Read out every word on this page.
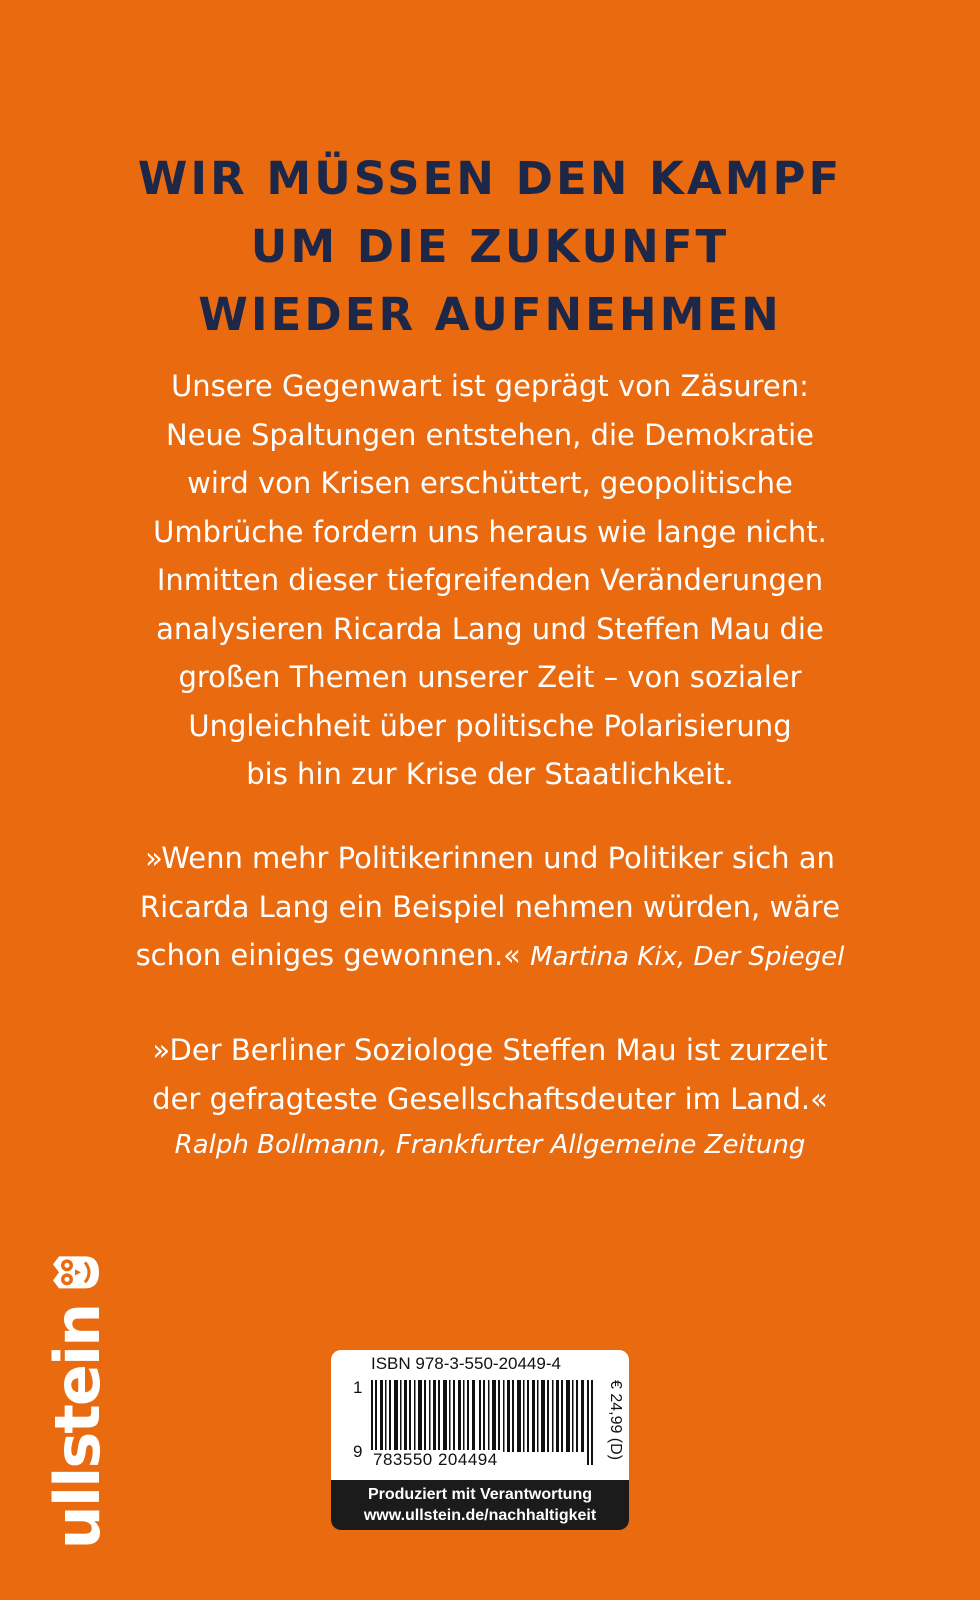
WIR MÜSSEN DEN KAMPF
UM DIE ZUKUNFT
WIEDER AUFNEHMEN
Unsere Gegenwart ist geprägt von Zäsuren:
Neue Spaltungen entstehen, die Demokratie
wird von Krisen erschüttert, geopolitische
Umbrüche fordern uns heraus wie lange nicht.
Inmitten dieser tiefgreifenden Veränderungen
analysieren Ricarda Lang und Steffen Mau die
großen Themen unserer Zeit – von sozialer
Ungleichheit über politische Polarisierung
bis hin zur Krise der Staatlichkeit.
»Wenn mehr Politikerinnen und Politiker sich an
Ricarda Lang ein Beispiel nehmen würden, wäre
schon einiges gewonnen.« Martina Kix, Der Spiegel
»Der Berliner Soziologe Steffen Mau ist zurzeit
der gefragteste Gesellschaftsdeuter im Land.«
Ralph Bollmann, Frankfurter Allgemeine Zeitung
ullstein	ISBN 978-3-550-20449-4
1
9 783550 204494	€ 24,99 (D)
Produziert mit Verantwortung
www.ullstein.de/nachhaltigkeit
